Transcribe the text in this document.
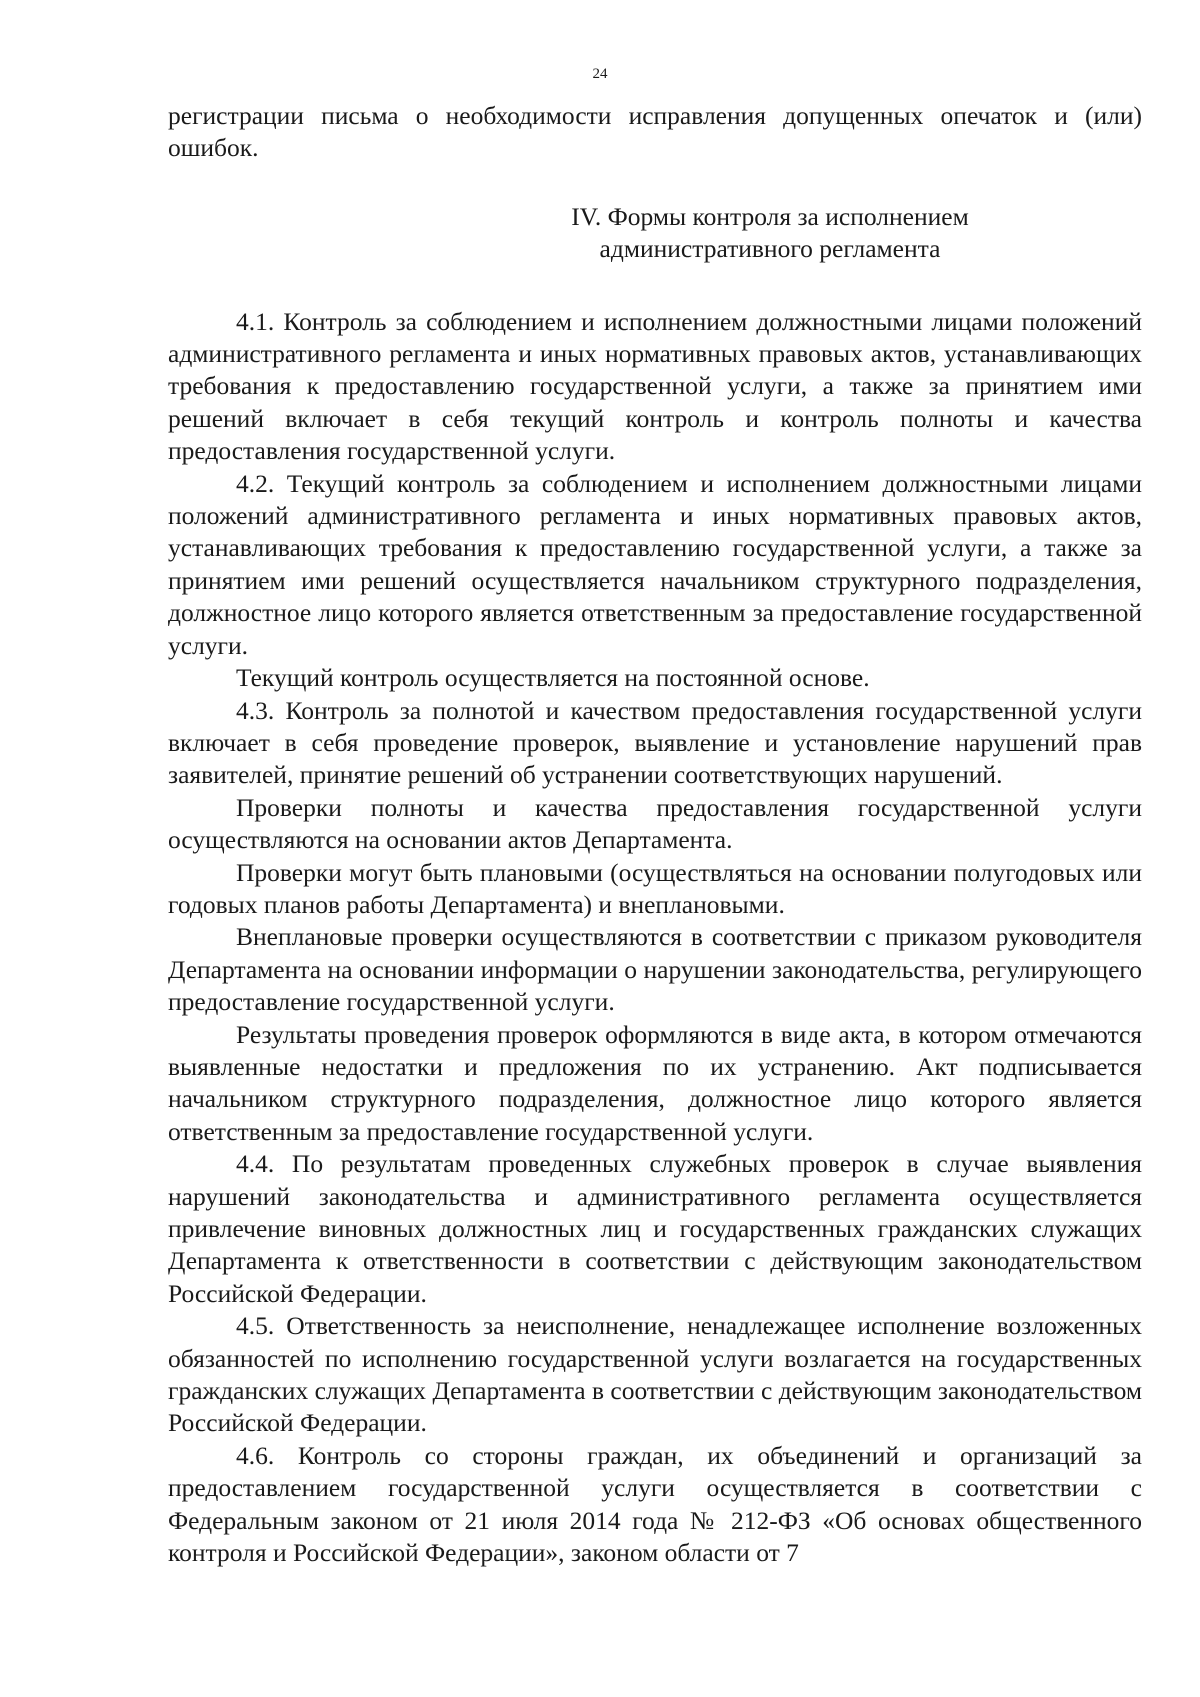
24

регистрации письма о необходимости исправления допущенных опечаток и (или) ошибок.

IV. Формы контроля за исполнением
административного регламента

4.1. Контроль за соблюдением и исполнением должностными лицами положений административного регламента и иных нормативных правовых актов, устанавливающих требования к предоставлению государственной услуги, а также за принятием ими решений включает в себя текущий контроль и контроль полноты и качества предоставления государственной услуги.

4.2. Текущий контроль за соблюдением и исполнением должностными лицами положений административного регламента и иных нормативных правовых актов, устанавливающих требования к предоставлению государственной услуги, а также за принятием ими решений осуществляется начальником структурного подразделения, должностное лицо которого является ответственным за предоставление государственной услуги.

Текущий контроль осуществляется на постоянной основе.

4.3. Контроль за полнотой и качеством предоставления государственной услуги включает в себя проведение проверок, выявление и установление нарушений прав заявителей, принятие решений об устранении соответствующих нарушений.

Проверки полноты и качества предоставления государственной услуги осуществляются на основании актов Департамента.

Проверки могут быть плановыми (осуществляться на основании полугодовых или годовых планов работы Департамента) и внеплановыми.

Внеплановые проверки осуществляются в соответствии с приказом руководителя Департамента на основании информации о нарушении законодательства, регулирующего предоставление государственной услуги.

Результаты проведения проверок оформляются в виде акта, в котором отмечаются выявленные недостатки и предложения по их устранению. Акт подписывается начальником структурного подразделения, должностное лицо которого является ответственным за предоставление государственной услуги.

4.4. По результатам проведенных служебных проверок в случае выявления нарушений законодательства и административного регламента осуществляется привлечение виновных должностных лиц и государственных гражданских служащих Департамента к ответственности в соответствии с действующим законодательством Российской Федерации.

4.5. Ответственность за неисполнение, ненадлежащее исполнение возложенных обязанностей по исполнению государственной услуги возлагается на государственных гражданских служащих Департамента в соответствии с действующим законодательством Российской Федерации.

4.6. Контроль со стороны граждан, их объединений и организаций за предоставлением государственной услуги осуществляется в соответствии с Федеральным законом от 21 июля 2014 года № 212-ФЗ «Об основах общественного контроля и Российской Федерации», законом области от 7
